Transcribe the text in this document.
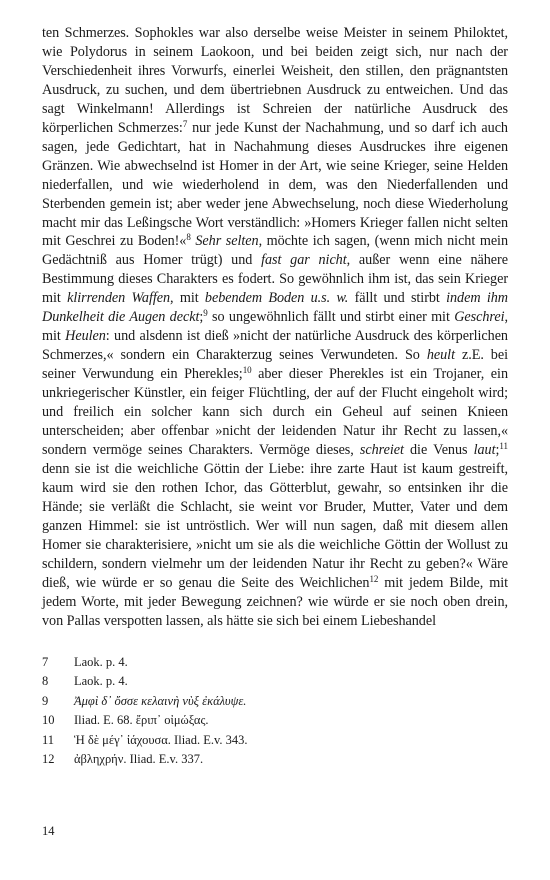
ten Schmerzes. Sophokles war also derselbe weise Meister in seinem Philoktet, wie Polydorus in seinem Laokoon, und bei beiden zeigt sich, nur nach der Verschiedenheit ihres Vorwurfs, einerlei Weisheit, den stillen, den prägnantsten Ausdruck, zu suchen, und dem übertriebnen Ausdruck zu entweichen. Und das sagt Winkelmann! Allerdings ist Schreien der natürliche Ausdruck des körperlichen Schmerzes:$^7$ nur jede Kunst der Nachahmung, und so darf ich auch sagen, jede Gedichtart, hat in Nachahmung dieses Ausdruckes ihre eigenen Gränzen. Wie abwechselnd ist Homer in der Art, wie seine Krieger, seine Helden niederfallen, und wie wiederholend in dem, was den Niederfallenden und Sterbenden gemein ist; aber weder jene Abwechselung, noch diese Wiederholung macht mir das Leßingsche Wort verständlich: »Homers Krieger fallen nicht selten mit Geschrei zu Boden!«$^8$ Sehr selten, möchte ich sagen, (wenn mich nicht mein Gedächtniß aus Homer trügt) und fast gar nicht, außer wenn eine nähere Bestimmung dieses Charakters es fodert. So gewöhnlich ihm ist, das sein Krieger mit klirrenden Waffen, mit bebendem Boden u.s. w. fällt und stirbt indem ihm Dunkelheit die Augen deckt;$^9$ so ungewöhnlich fällt und stirbt einer mit Geschrei, mit Heulen: und alsdenn ist dieß »nicht der natürliche Ausdruck des körperlichen Schmerzes,« sondern ein Charakterzug seines Verwundeten. So heult z.E. bei seiner Verwundung ein Pherekles;$^{10}$ aber dieser Pherekles ist ein Trojaner, ein unkriegerischer Künstler, ein feiger Flüchtling, der auf der Flucht eingeholt wird; und freilich ein solcher kann sich durch ein Geheul auf seinen Knieen unterscheiden; aber offenbar »nicht der leidenden Natur ihr Recht zu lassen,« sondern vermöge seines Charakters. Vermöge dieses, schreiet die Venus laut;$^{11}$ denn sie ist die weichliche Göttin der Liebe: ihre zarte Haut ist kaum gestreift, kaum wird sie den rothen Ichor, das Götterblut, gewahr, so entsinken ihr die Hände; sie verläßt die Schlacht, sie weint vor Bruder, Mutter, Vater und dem ganzen Himmel: sie ist untröstlich. Wer will nun sagen, daß mit diesem allen Homer sie charakterisiere, »nicht um sie als die weichliche Göttin der Wollust zu schildern, sondern vielmehr um der leidenden Natur ihr Recht zu geben?« Wäre dieß, wie würde er so genau die Seite des Weichlichen$^{12}$ mit jedem Bilde, mit jedem Worte, mit jeder Bewegung zeichnen? wie würde er sie noch oben drein, von Pallas verspotten lassen, als hätte sie sich bei einem Liebeshandel

7	Laok. p. 4.
8	Laok. p. 4.
9	Ἀμφὶ δ᾽ ὄσσε κελαινὴ νὺξ ἐκάλυψε.
10	Iliad. E. 68. ἔριπ᾽ οἰμώξας.
11	Ἡ δὲ μέγ᾽ ἰάχουσα. Iliad. E.v. 343.
12	ἀβληχρήν. Iliad. E.v. 337.
14
